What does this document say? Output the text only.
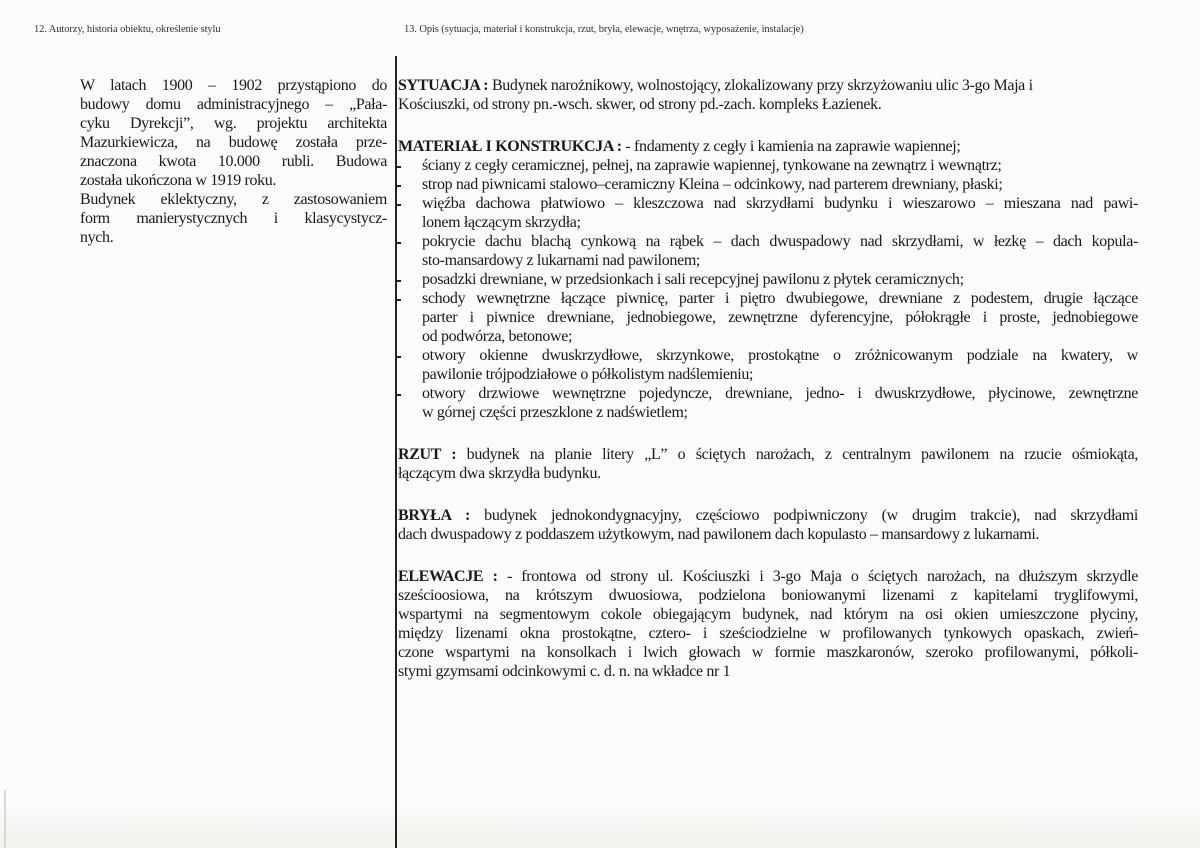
12. Autorzy, historia obiektu, określenie stylu	13. Opis (sytuacja, materiał i konstrukcja, rzut, bryła, elewacje, wnętrza, wyposażenie, instalacje)
W latach 1900 – 1902 przystąpiono do
budowy domu administracyjnego – „Pała-
cyku Dyrekcji”, wg. projektu architekta
Mazurkiewicza, na budowę została prze-
znaczona kwota 10.000 rubli. Budowa
została ukończona w 1919 roku.
Budynek eklektyczny, z zastosowaniem
form manierystycznych i klasycystycz-
nych.
SYTUACJA : Budynek narożnikowy, wolnostojący, zlokalizowany przy skrzyżowaniu ulic 3-go Maja i
Kościuszki, od strony pn.-wsch. skwer, od strony pd.-zach. kompleks Łazienek.
MATERIAŁ I KONSTRUKCJA : - fndamenty z cegły i kamienia na zaprawie wapiennej;
ściany z cegły ceramicznej, pełnej, na zaprawie wapiennej, tynkowane na zewnątrz i wewnątrz;
strop nad piwnicami stalowo–ceramiczny Kleina – odcinkowy, nad parterem drewniany, płaski;
więźba dachowa płatwiowo – kleszczowa nad skrzydłami budynku i wieszarowo – mieszana nad pawi-
lonem łączącym skrzydła;
pokrycie dachu blachą cynkową na rąbek – dach dwuspadowy nad skrzydłami, w łezkę – dach kopula-
sto-mansardowy z lukarnami nad pawilonem;
posadzki drewniane, w przedsionkach i sali recepcyjnej pawilonu z płytek ceramicznych;
schody wewnętrzne łączące piwnicę, parter i piętro dwubiegowe, drewniane z podestem, drugie łączące
parter i piwnice drewniane, jednobiegowe, zewnętrzne dyferencyjne, półokrągłe i proste, jednobiegowe
od podwórza, betonowe;
otwory okienne dwuskrzydłowe, skrzynkowe, prostokątne o zróżnicowanym podziale na kwatery, w
pawilonie trójpodziałowe o półkolistym nadślemieniu;
otwory drzwiowe wewnętrzne pojedyncze, drewniane, jedno- i dwuskrzydłowe, płycinowe, zewnętrzne
w górnej części przeszklone z nadświetlem;
RZUT : budynek na planie litery „L” o ściętych narożach, z centralnym pawilonem na rzucie ośmiokąta,
łączącym dwa skrzydła budynku.
BRYŁA : budynek jednokondygnacyjny, częściowo podpiwniczony (w drugim trakcie), nad skrzydłami
dach dwuspadowy z poddaszem użytkowym, nad pawilonem dach kopulasto – mansardowy z lukarnami.
ELEWACJE : - frontowa od strony ul. Kościuszki i 3-go Maja o ściętych narożach, na dłuższym skrzydle
sześcioosiowa, na krótszym dwuosiowa, podzielona boniowanymi lizenami z kapitelami tryglifowymi,
wspartymi na segmentowym cokole obiegającym budynek, nad którym na osi okien umieszczone płyciny,
między lizenami okna prostokątne, cztero- i sześciodzielne w profilowanych tynkowych opaskach, zwień-
czone wspartymi na konsolkach i lwich głowach w formie maszkaronów, szeroko profilowanymi, półkoli-
stymi gzymsami odcinkowymi c. d. n. na wkładce nr 1
